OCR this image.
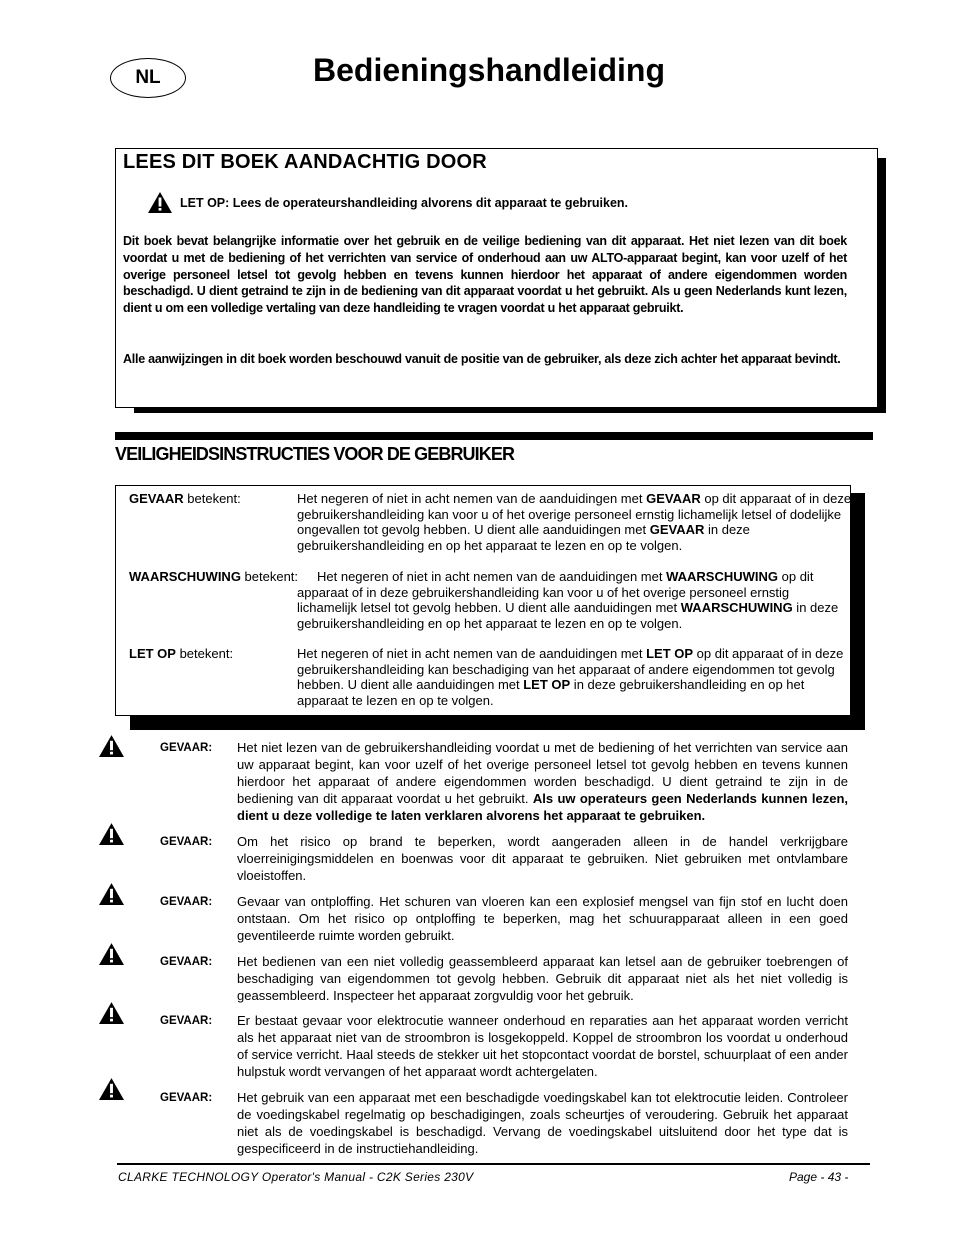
NL	Bedieningshandleiding
LEES DIT BOEK AANDACHTIG DOOR
LET OP: Lees de operateurshandleiding alvorens dit apparaat te gebruiken.
Dit boek bevat belangrijke informatie over het gebruik en de veilige bediening van dit apparaat. Het niet lezen van dit boek voordat u met de bediening of het verrichten van service of onderhoud aan uw ALTO-apparaat begint, kan voor uzelf of het overige personeel letsel tot gevolg hebben en tevens kunnen hierdoor het apparaat of andere eigendommen worden beschadigd. U dient getraind te zijn in de bediening van dit apparaat voordat u het gebruikt. Als u geen Nederlands kunt lezen, dient u om een volledige vertaling van deze handleiding te vragen voordat u het apparaat gebruikt.
Alle aanwijzingen in dit boek worden beschouwd vanuit de positie van de gebruiker, als deze zich achter het apparaat bevindt.
VEILIGHEIDSINSTRUCTIES VOOR DE GEBRUIKER
GEVAAR betekent:	Het negeren of niet in acht nemen van de aanduidingen met GEVAAR op dit apparaat of in deze gebruikershandleiding kan voor u of het overige personeel ernstig lichamelijk letsel of dodelijke ongevallen tot gevolg hebben. U dient alle aanduidingen met GEVAAR in deze gebruikershandleiding en op het apparaat te lezen en op te volgen.
WAARSCHUWING betekent:	Het negeren of niet in acht nemen van de aanduidingen met WAARSCHUWING op dit apparaat of in deze gebruikershandleiding kan voor u of het overige personeel ernstig lichamelijk letsel tot gevolg hebben. U dient alle aanduidingen met WAARSCHUWING in deze gebruikershandleiding en op het apparaat te lezen en op te volgen.
LET OP betekent:	Het negeren of niet in acht nemen van de aanduidingen met LET OP op dit apparaat of in deze gebruikershandleiding kan beschadiging van het apparaat of andere eigendommen tot gevolg hebben. U dient alle aanduidingen met LET OP in deze gebruikershandleiding en op het apparaat te lezen en op te volgen.
GEVAAR: Het niet lezen van de gebruikershandleiding voordat u met de bediening of het verrichten van service aan uw apparaat begint, kan voor uzelf of het overige personeel letsel tot gevolg hebben en tevens kunnen hierdoor het apparaat of andere eigendommen worden beschadigd. U dient getraind te zijn in de bediening van dit apparaat voordat u het gebruikt. Als uw operateurs geen Nederlands kunnen lezen, dient u deze volledige te laten verklaren alvorens het apparaat te gebruiken.
GEVAAR: Om het risico op brand te beperken, wordt aangeraden alleen in de handel verkrijgbare vloerreinigingsmiddelen en boenwas voor dit apparaat te gebruiken. Niet gebruiken met ontvlambare vloeistoffen.
GEVAAR: Gevaar van ontploffing. Het schuren van vloeren kan een explosief mengsel van fijn stof en lucht doen ontstaan. Om het risico op ontploffing te beperken, mag het schuurapparaat alleen in een goed geventileerde ruimte worden gebruikt.
GEVAAR: Het bedienen van een niet volledig geassembleerd apparaat kan letsel aan de gebruiker toebrengen of beschadiging van eigendommen tot gevolg hebben. Gebruik dit apparaat niet als het niet volledig is geassembleerd. Inspecteer het apparaat zorgvuldig voor het gebruik.
GEVAAR: Er bestaat gevaar voor elektrocutie wanneer onderhoud en reparaties aan het apparaat worden verricht als het apparaat niet van de stroombron is losgekoppeld. Koppel de stroombron los voordat u onderhoud of service verricht. Haal steeds de stekker uit het stopcontact voordat de borstel, schuurplaat of een ander hulpstuk wordt vervangen of het apparaat wordt achtergelaten.
GEVAAR: Het gebruik van een apparaat met een beschadigde voedingskabel kan tot elektrocutie leiden. Controleer de voedingskabel regelmatig op beschadigingen, zoals scheurtjes of veroudering. Gebruik het apparaat niet als de voedingskabel is beschadigd. Vervang de voedingskabel uitsluitend door het type dat is gespecificeerd in de instructiehandleiding.
CLARKE TECHNOLOGY Operator's Manual - C2K Series 230V	Page - 43 -
